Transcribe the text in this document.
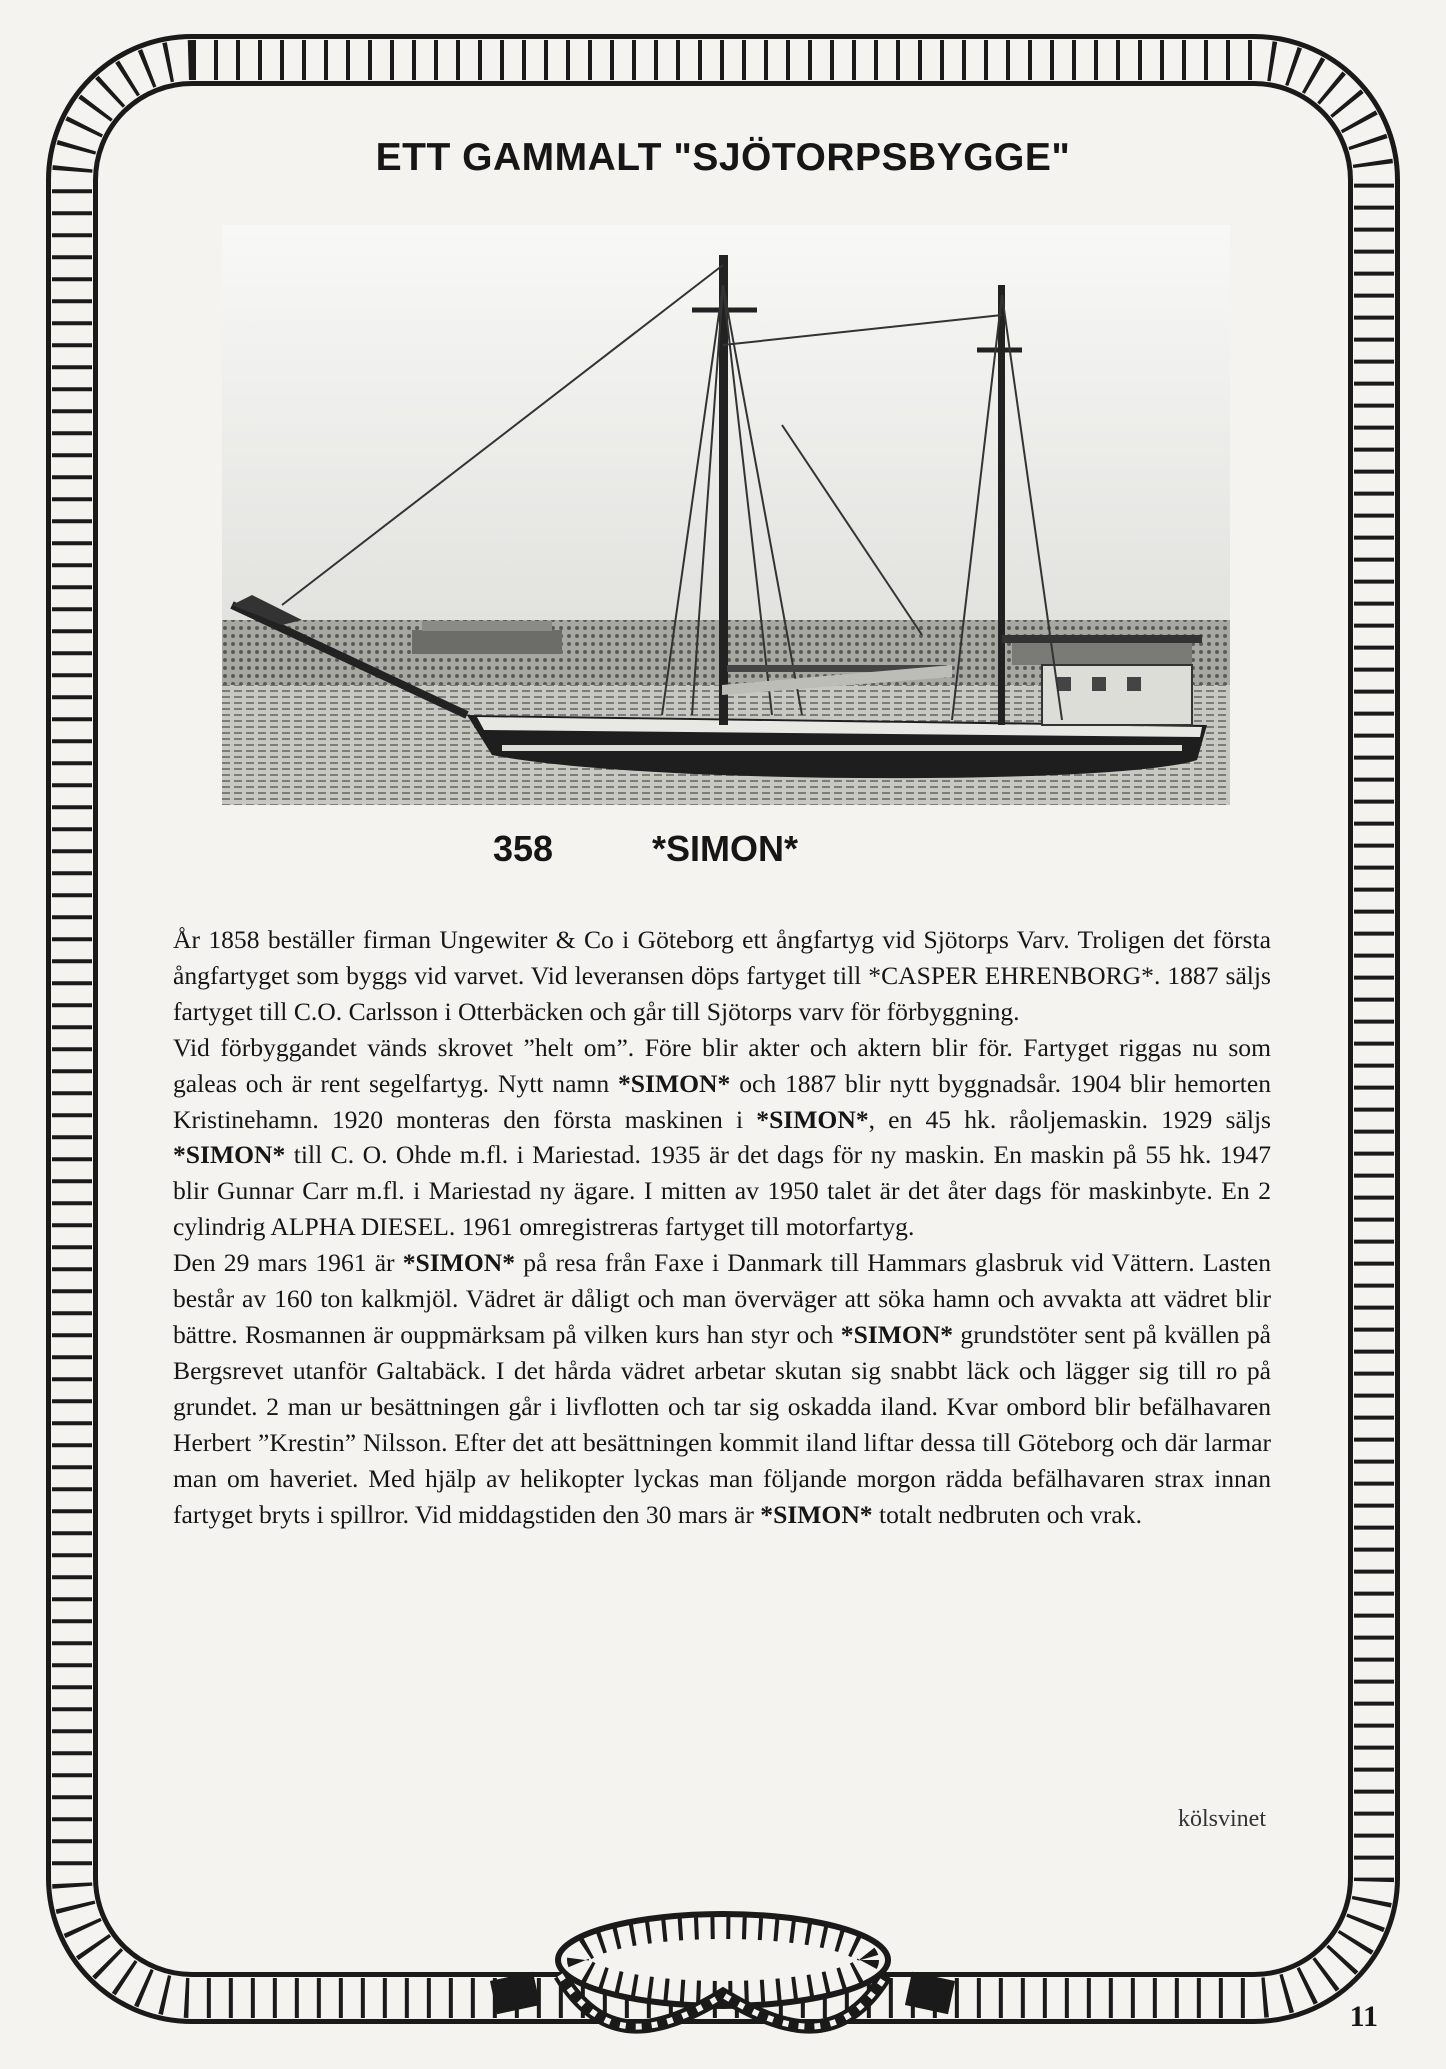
ETT GAMMALT "SJÖTORPSBYGGE"
358	*SIMON*

År 1858 beställer firman Ungewiter & Co i Göteborg ett ångfartyg vid Sjötorps Varv. Troligen det första ångfartyget som byggs vid varvet. Vid leveransen döps fartyget till *CASPER EHRENBORG*. 1887 säljs fartyget till C.O. Carlsson i Otterbäcken och går till Sjötorps varv för förbyggning.

Vid förbyggandet vänds skrovet ”helt om”. Före blir akter och aktern blir för. Fartyget riggas nu som galeas och är rent segelfartyg. Nytt namn *SIMON* och 1887 blir nytt byggnadsår. 1904 blir hemorten Kristinehamn. 1920 monteras den första maskinen i *SIMON*, en 45 hk. råoljemaskin. 1929 säljs *SIMON* till C. O. Ohde m.fl. i Mariestad. 1935 är det dags för ny maskin. En maskin på 55 hk. 1947 blir Gunnar Carr m.fl. i Mariestad ny ägare. I mitten av 1950 talet är det åter dags för maskinbyte. En 2 cylindrig ALPHA DIESEL. 1961 omregistreras fartyget till motorfartyg.

Den 29 mars 1961 är *SIMON* på resa från Faxe i Danmark till Hammars glasbruk vid Vättern. Lasten består av 160 ton kalkmjöl. Vädret är dåligt och man överväger att söka hamn och avvakta att vädret blir bättre. Rosmannen är ouppmärksam på vilken kurs han styr och *SIMON* grundstöter sent på kvällen på Bergsrevet utanför Galtabäck. I det hårda vädret arbetar skutan sig snabbt läck och lägger sig till ro på grundet. 2 man ur besättningen går i livflotten och tar sig oskadda iland. Kvar ombord blir befälhavaren Herbert ”Krestin” Nilsson. Efter det att besättningen kommit iland liftar dessa till Göteborg och där larmar man om haveriet. Med hjälp av helikopter lyckas man följande morgon rädda befälhavaren strax innan fartyget bryts i spillror. Vid middagstiden den 30 mars är *SIMON* totalt nedbruten och vrak.

kölsvinet
11
